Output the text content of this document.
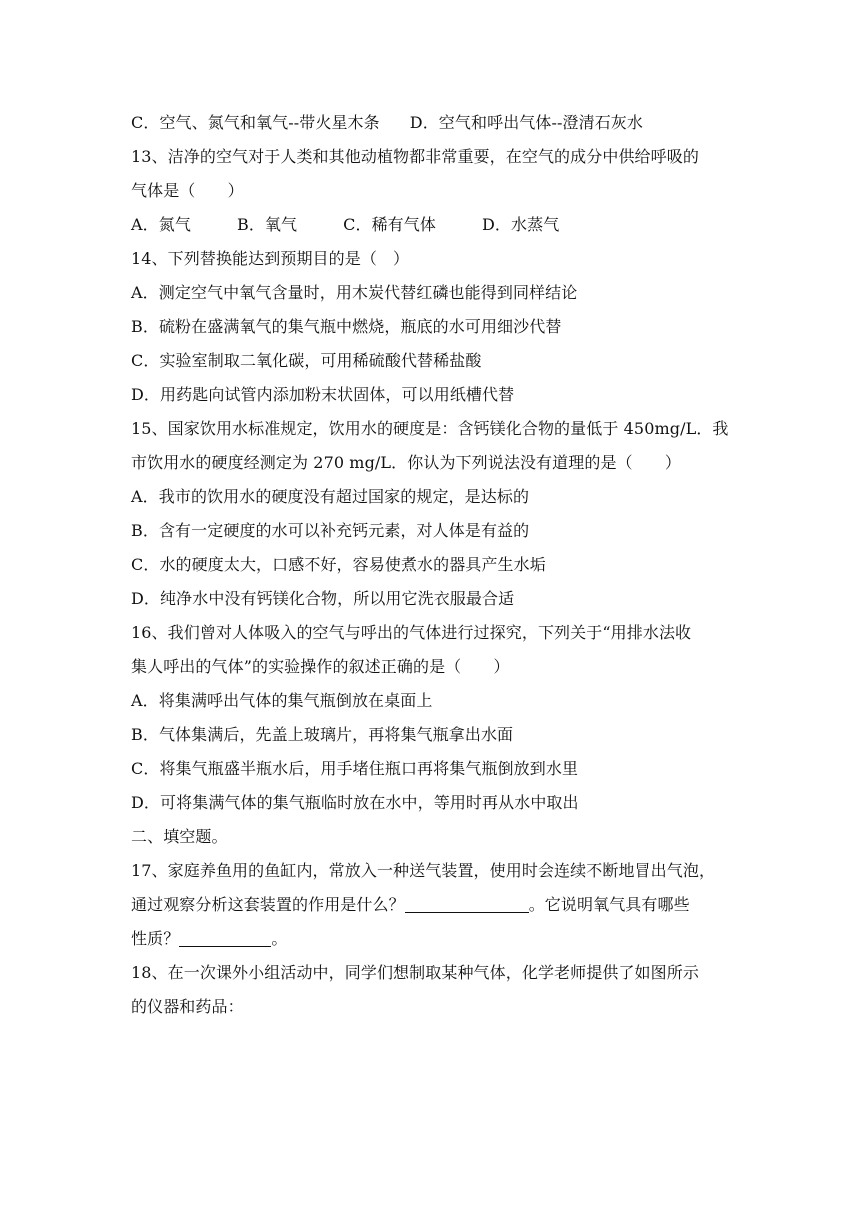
C．空气、氮气和氧气--带火星木条 D．空气和呼出气体--澄清石灰水
13、洁净的空气对于人类和其他动植物都非常重要，在空气的成分中供给呼吸的
气体是（　　）
A．氮气	B．氧气	C．稀有气体	D．水蒸气
14、下列替换能达到预期目的是（　）
A．测定空气中氧气含量时，用木炭代替红磷也能得到同样结论
B．硫粉在盛满氧气的集气瓶中燃烧，瓶底的水可用细沙代替
C．实验室制取二氧化碳，可用稀硫酸代替稀盐酸
D．用药匙向试管内添加粉末状固体，可以用纸槽代替
15、国家饮用水标准规定，饮用水的硬度是：含钙镁化合物的量低于 450mg/L．我
市饮用水的硬度经测定为 270 mg/L．你认为下列说法没有道理的是（　　）
A．我市的饮用水的硬度没有超过国家的规定，是达标的
B．含有一定硬度的水可以补充钙元素，对人体是有益的
C．水的硬度太大，口感不好，容易使煮水的器具产生水垢
D．纯净水中没有钙镁化合物，所以用它洗衣服最合适
16、我们曾对人体吸入的空气与呼出的气体进行过探究，下列关于“用排水法收
集人呼出的气体”的实验操作的叙述正确的是（　　）
A．将集满呼出气体的集气瓶倒放在桌面上
B．气体集满后，先盖上玻璃片，再将集气瓶拿出水面
C．将集气瓶盛半瓶水后，用手堵住瓶口再将集气瓶倒放到水里
D．可将集满气体的集气瓶临时放在水中，等用时再从水中取出
二、填空题。
17、家庭养鱼用的鱼缸内，常放入一种送气装置，使用时会连续不断地冒出气泡，
通过观察分析这套装置的作用是什么？	。它说明氧气具有哪些
性质？	。
18、在一次课外小组活动中，同学们想制取某种气体，化学老师提供了如图所示
的仪器和药品：
